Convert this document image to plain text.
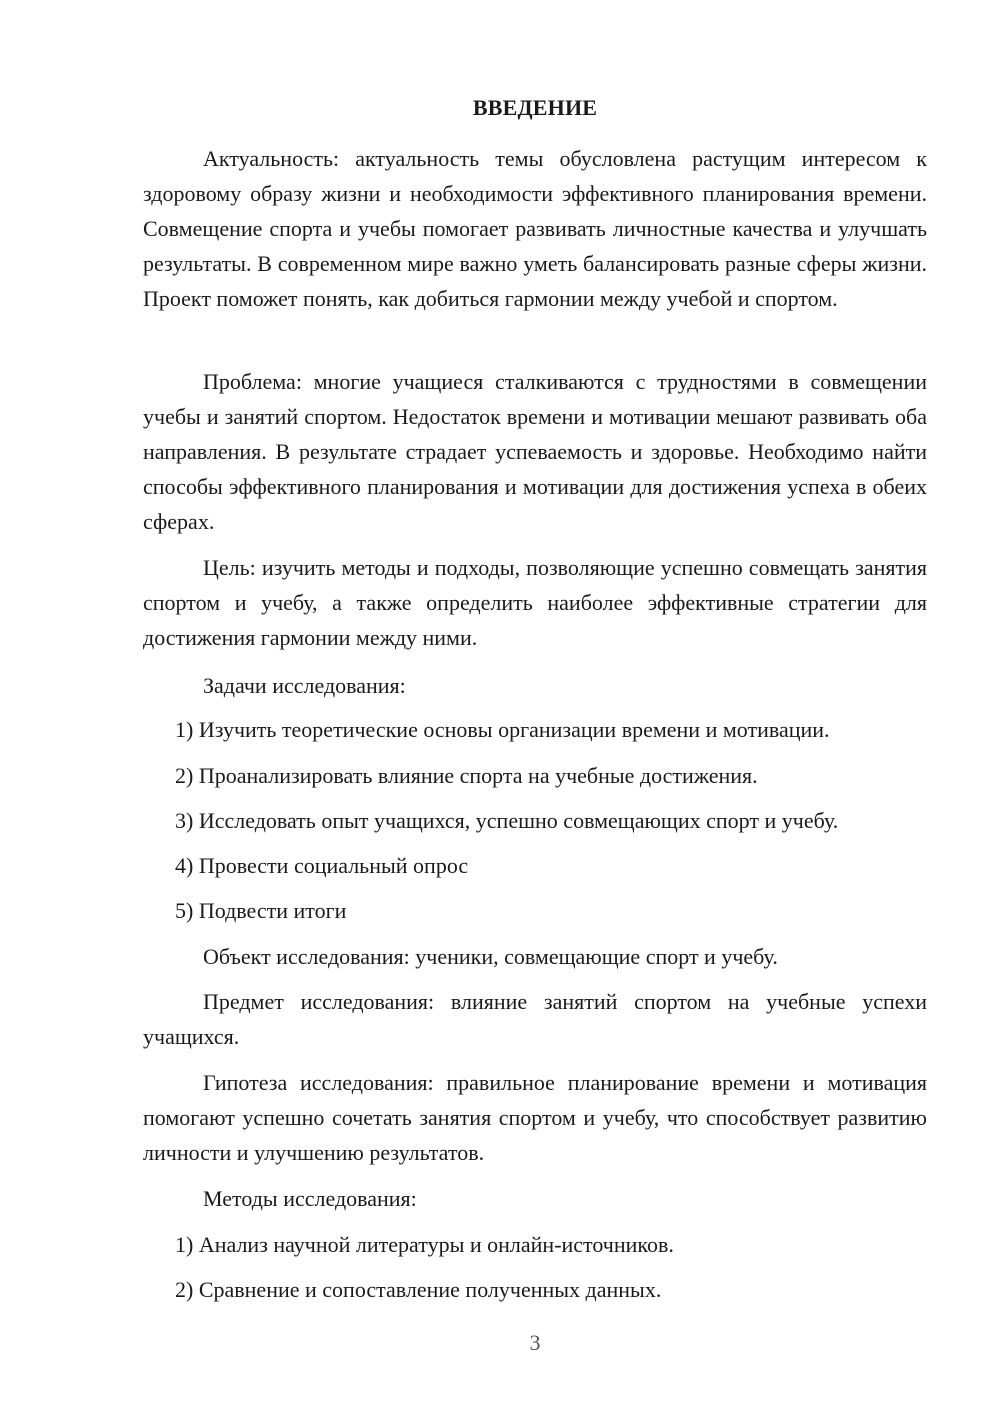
ВВЕДЕНИЕ

Актуальность: актуальность темы обусловлена растущим интересом к здоровому образу жизни и необходимости эффективного планирования времени. Совмещение спорта и учебы помогает развивать личностные качества и улучшать результаты. В современном мире важно уметь балансировать разные сферы жизни. Проект поможет понять, как добиться гармонии между учебой и спортом.

Проблема: многие учащиеся сталкиваются с трудностями в совмещении учебы и занятий спортом. Недостаток времени и мотивации мешают развивать оба направления. В результате страдает успеваемость и здоровье. Необходимо найти способы эффективного планирования и мотивации для достижения успеха в обеих сферах.

Цель: изучить методы и подходы, позволяющие успешно совмещать занятия спортом и учебу, а также определить наиболее эффективные стратегии для достижения гармонии между ними.

Задачи исследования:

1) Изучить теоретические основы организации времени и мотивации.

2) Проанализировать влияние спорта на учебные достижения.

3) Исследовать опыт учащихся, успешно совмещающих спорт и учебу.

4) Провести социальный опрос

5) Подвести итоги

Объект исследования: ученики, совмещающие спорт и учебу.

Предмет исследования: влияние занятий спортом на учебные успехи учащихся.

Гипотеза исследования: правильное планирование времени и мотивация помогают успешно сочетать занятия спортом и учебу, что способствует развитию личности и улучшению результатов.

Методы исследования:

1) Анализ научной литературы и онлайн-источников.

2) Сравнение и сопоставление полученных данных.

3
